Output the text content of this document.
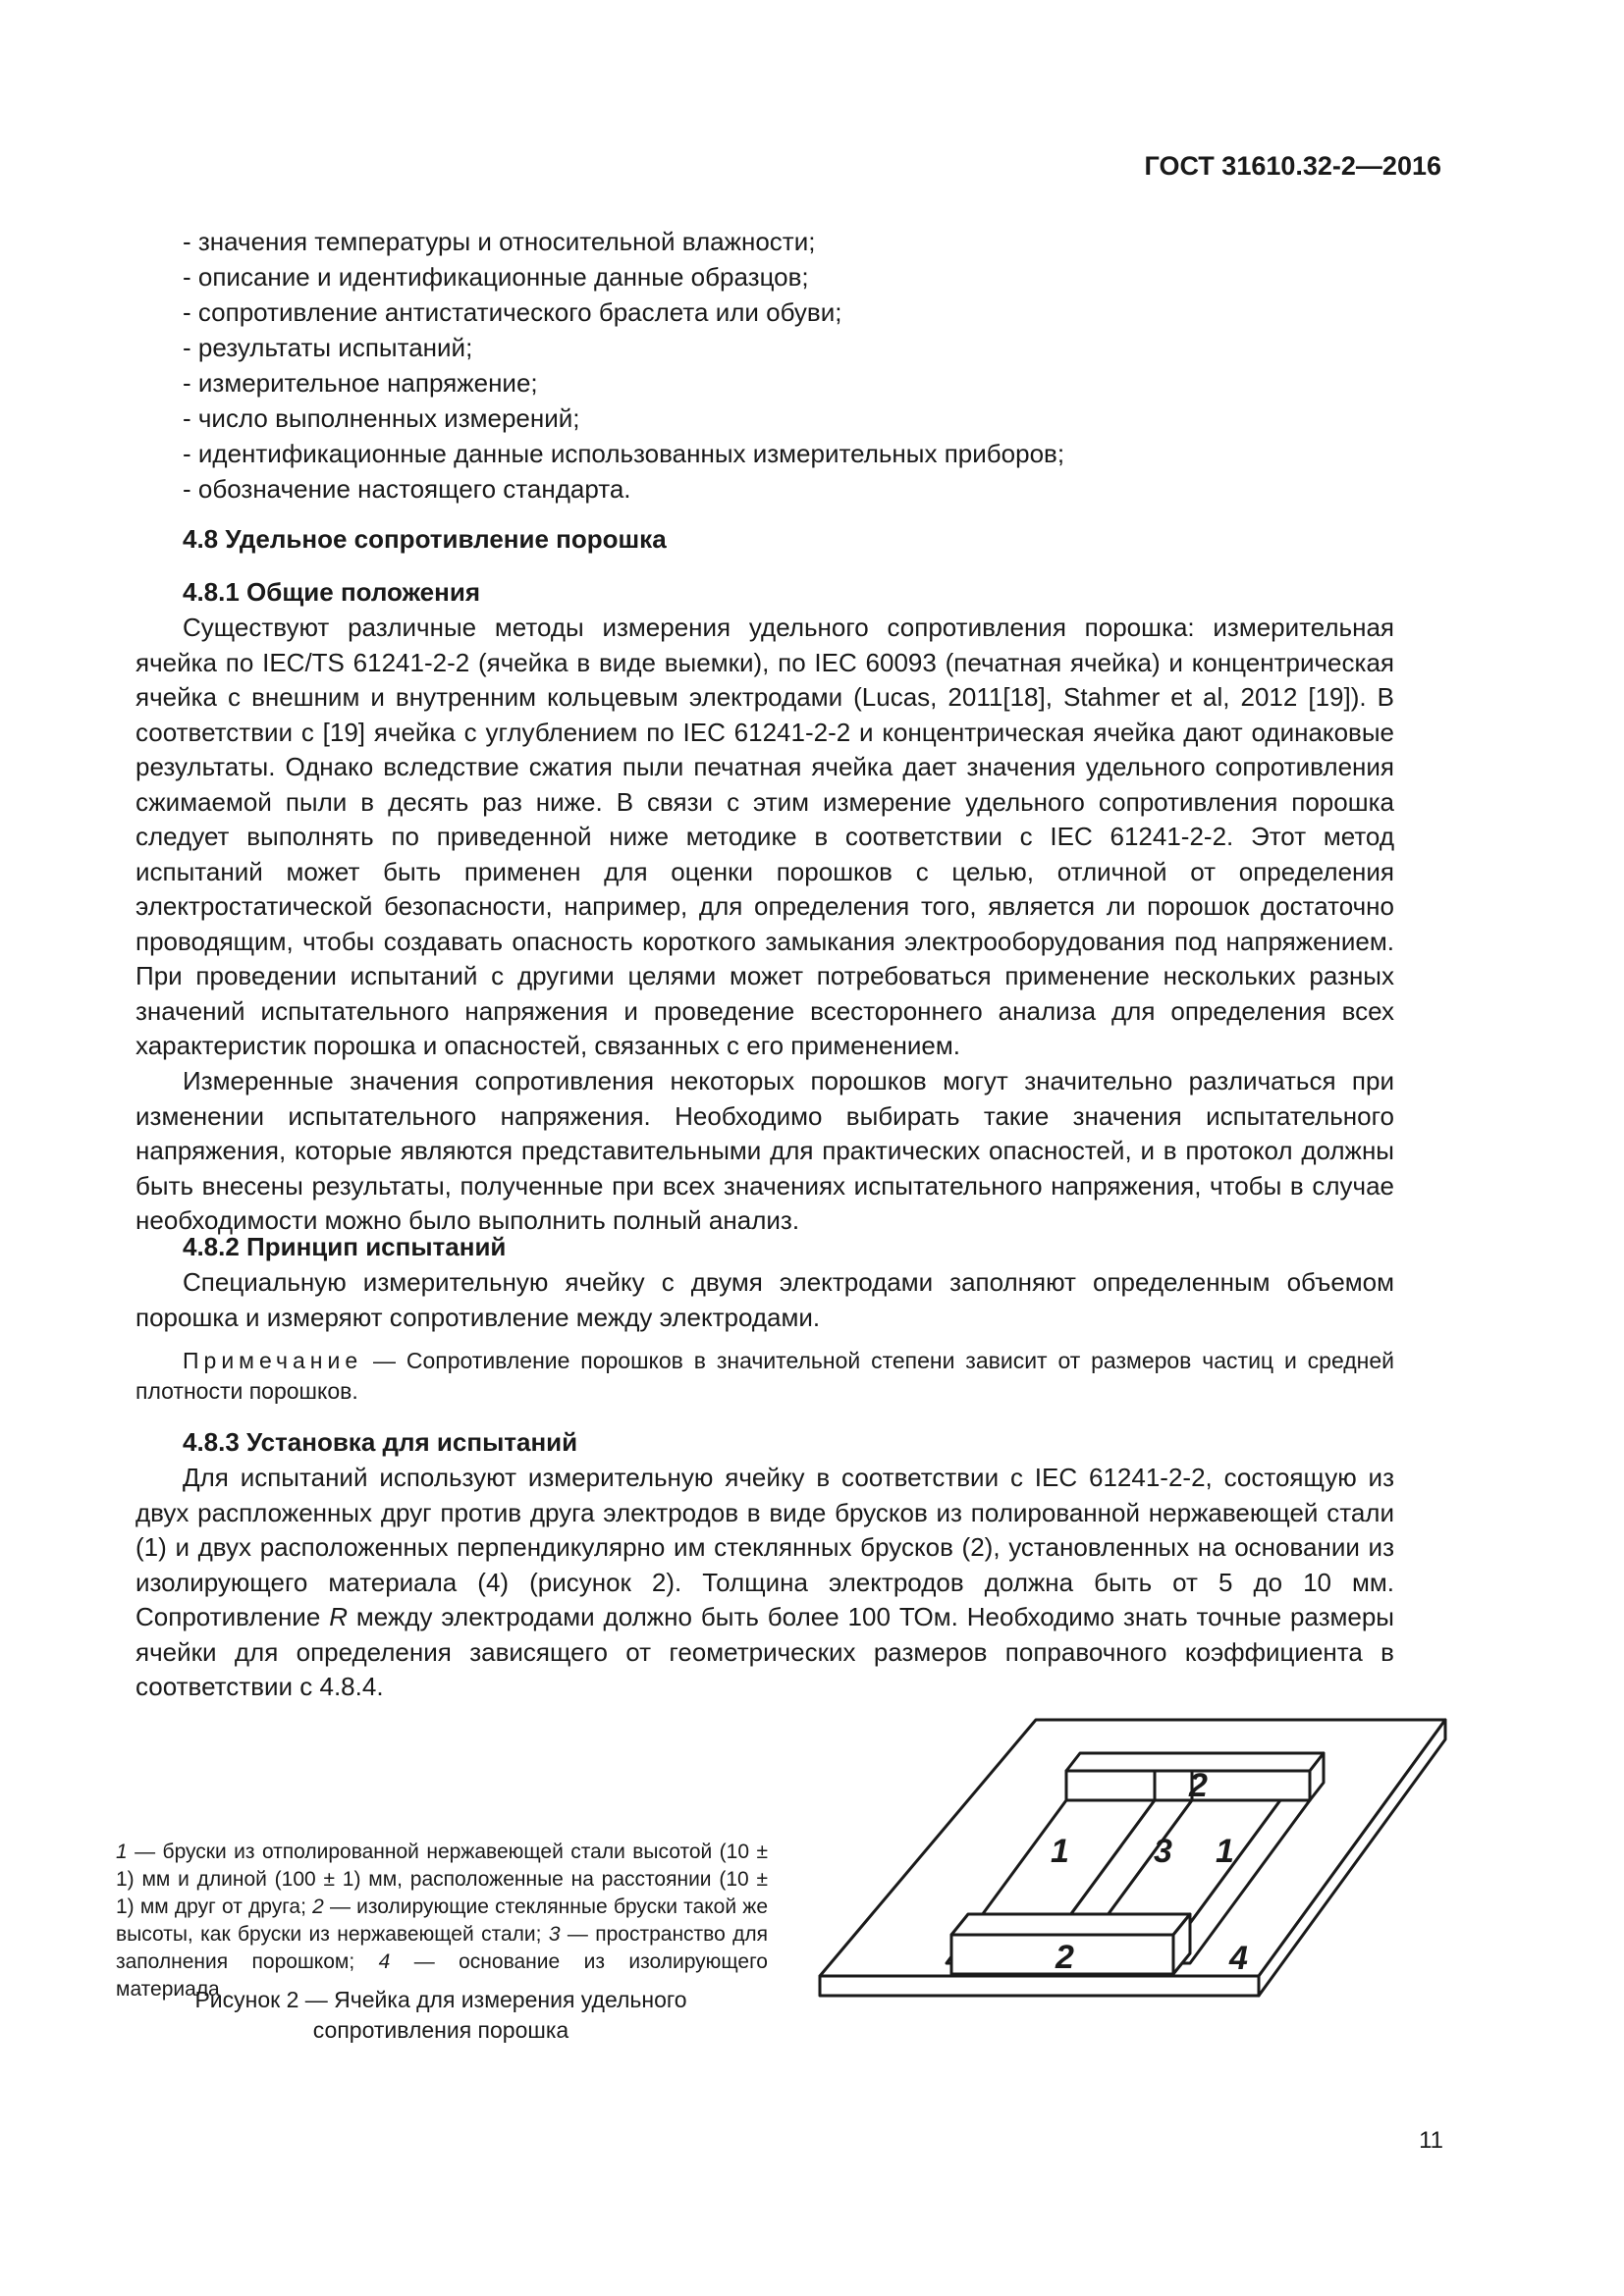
ГОСТ 31610.32-2—2016
- значения температуры и относительной влажности;
- описание и идентификационные данные образцов;
- сопротивление антистатического браслета или обуви;
- результаты испытаний;
- измерительное напряжение;
- число выполненных измерений;
- идентификационные данные использованных измерительных приборов;
- обозначение настоящего стандарта.
4.8 Удельное сопротивление порошка
4.8.1 Общие положения

Существуют различные методы измерения удельного сопротивления порошка: измерительная ячейка по IEC/TS 61241-2-2 (ячейка в виде выемки), по IEC 60093 (печатная ячейка) и концентрическая ячейка с внешним и внутренним кольцевым электродами (Lucas, 2011[18], Stahmer et al, 2012 [19]). В соответствии с [19] ячейка с углублением по IEC 61241-2-2 и концентрическая ячейка дают одинаковые результаты. Однако вследствие сжатия пыли печатная ячейка дает значения удельного сопротивления сжимаемой пыли в десять раз ниже. В связи с этим измерение удельного сопротивления порошка следует выполнять по приведенной ниже методике в соответствии с IEC 61241-2-2. Этот метод испытаний может быть применен для оценки порошков с целью, отличной от определения электростатической безопасности, например, для определения того, является ли порошок достаточно проводящим, чтобы создавать опасность короткого замыкания электрооборудования под напряжением. При проведении испытаний с другими целями может потребоваться применение нескольких разных значений испытательного напряжения и проведение всестороннего анализа для определения всех характеристик порошка и опасностей, связанных с его применением.

Измеренные значения сопротивления некоторых порошков могут значительно различаться при изменении испытательного напряжения. Необходимо выбирать такие значения испытательного напряжения, которые являются представительными для практических опасностей, и в протокол должны быть внесены результаты, полученные при всех значениях испытательного напряжения, чтобы в случае необходимости можно было выполнить полный анализ.

4.8.2 Принцип испытаний

Специальную измерительную ячейку с двумя электродами заполняют определенным объемом порошка и измеряют сопротивление между электродами.

Примечание — Сопротивление порошков в значительной степени зависит от размеров частиц и средней плотности порошков.

4.8.3 Установка для испытаний

Для испытаний используют измерительную ячейку в соответствии с IEC 61241-2-2, состоящую из двух распложенных друг против друга электродов в виде брусков из полированной нержавеющей стали (1) и двух расположенных перпендикулярно им стеклянных брусков (2), установленных на основании из изолирующего материала (4) (рисунок 2). Толщина электродов должна быть от 5 до 10 мм. Сопротивление R между электродами должно быть более 100 ТОм. Необходимо знать точные размеры ячейки для определения зависящего от геометрических размеров поправочного коэффициента в соответствии с 4.8.4.

1 — бруски из отполированной нержавеющей стали высотой (10 ± 1) мм и длиной (100 ± 1) мм, расположенные на расстоянии (10 ± 1) мм друг от друга; 2 — изолирующие стеклянные бруски такой же высоты, как бруски из нержавеющей стали; 3 — пространство для заполнения порошком; 4 — основание из изолирующего материала
Рисунок 2 — Ячейка для измерения удельного сопротивления порошка
2
1	3 1
2	4
11
